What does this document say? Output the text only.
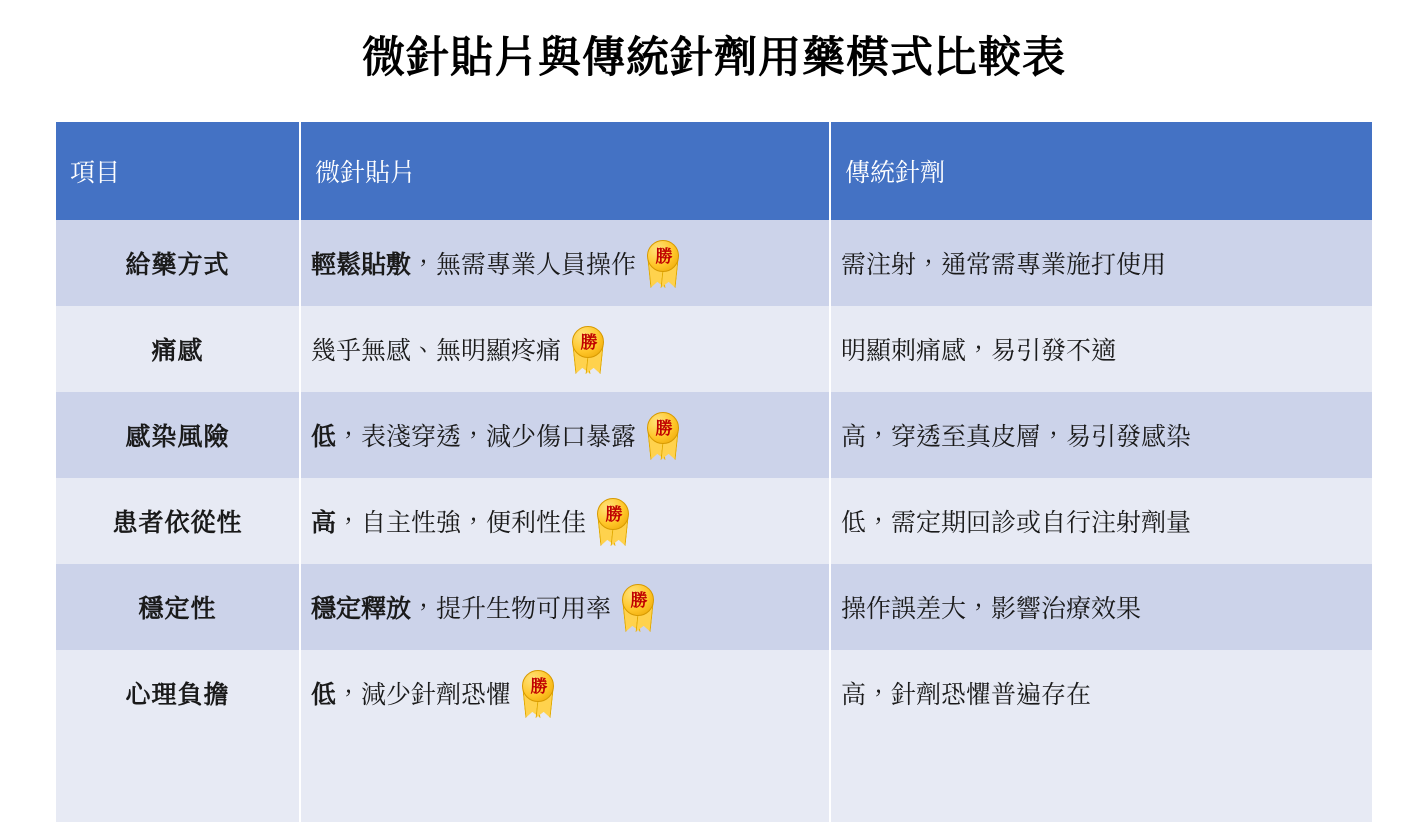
微針貼片與傳統針劑用藥模式比較表
項目	微針貼片	傳統針劑
給藥方式	輕鬆貼敷，無需專業人員操作 勝	需注射，通常需專業施打使用
痛感	幾乎無感、無明顯疼痛 勝	明顯刺痛感，易引發不適
感染風險	低，表淺穿透，減少傷口暴露 勝	高，穿透至真皮層，易引發感染
患者依從性	高，自主性強，便利性佳 勝	低，需定期回診或自行注射劑量
穩定性	穩定釋放，提升生物可用率 勝	操作誤差大，影響治療效果
心理負擔	低，減少針劑恐懼 勝	高，針劑恐懼普遍存在
